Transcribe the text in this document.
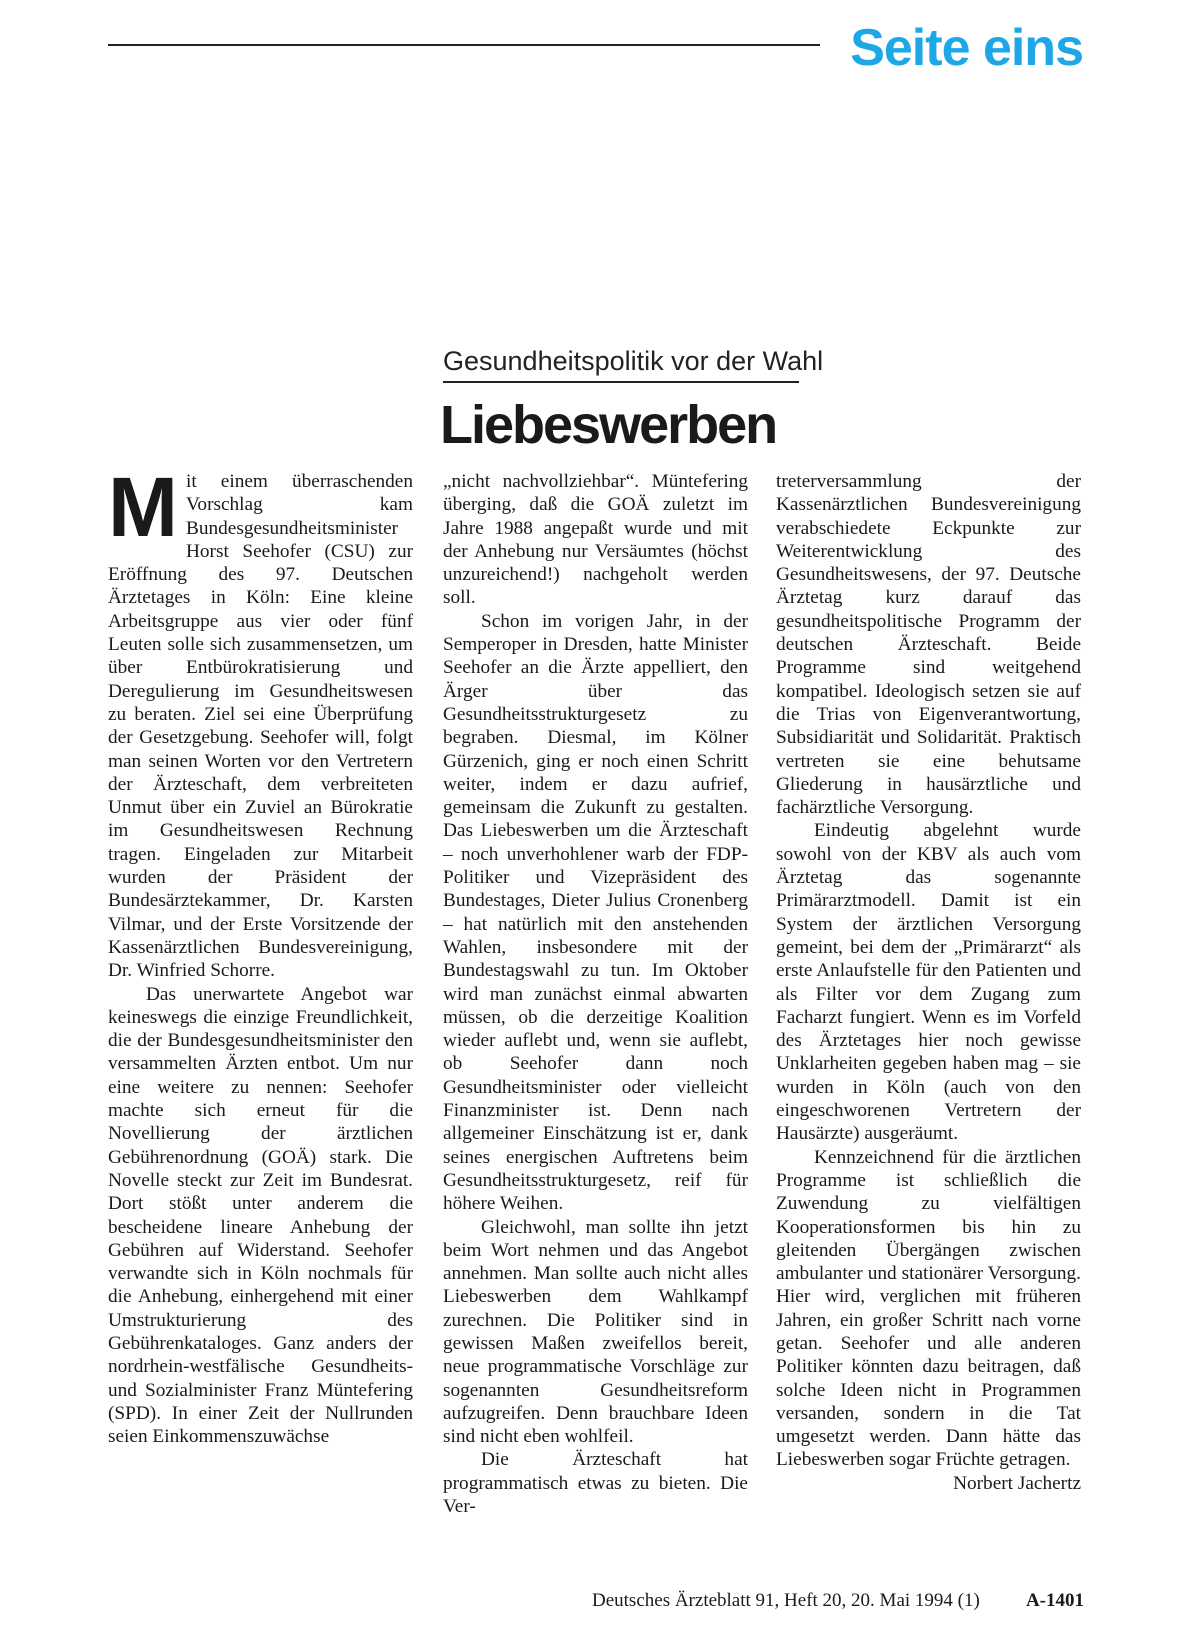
Seite eins
Gesundheitspolitik vor der Wahl
Liebeswerben

Mit einem überraschenden Vorschlag kam Bundesgesundheitsminister Horst Seehofer (CSU) zur Eröffnung des 97. Deutschen Ärztetages in Köln: Eine kleine Arbeitsgruppe aus vier oder fünf Leuten solle sich zusammensetzen, um über Entbürokratisierung und Deregulierung im Gesundheitswesen zu beraten. Ziel sei eine Überprüfung der Gesetzgebung. Seehofer will, folgt man seinen Worten vor den Vertretern der Ärzteschaft, dem verbreiteten Unmut über ein Zuviel an Bürokratie im Gesundheitswesen Rechnung tragen. Eingeladen zur Mitarbeit wurden der Präsident der Bundesärztekammer, Dr. Karsten Vilmar, und der Erste Vorsitzende der Kassenärztlichen Bundesvereinigung, Dr. Winfried Schorre.

Das unerwartete Angebot war keineswegs die einzige Freundlichkeit, die der Bundesgesundheitsminister den versammelten Ärzten entbot. Um nur eine weitere zu nennen: Seehofer machte sich erneut für die Novellierung der ärztlichen Gebührenordnung (GOÄ) stark. Die Novelle steckt zur Zeit im Bundesrat. Dort stößt unter anderem die bescheidene lineare Anhebung der Gebühren auf Widerstand. Seehofer verwandte sich in Köln nochmals für die Anhebung, einhergehend mit einer Umstrukturierung des Gebührenkataloges. Ganz anders der nordrhein-westfälische Gesundheits- und Sozialminister Franz Müntefering (SPD). In einer Zeit der Nullrunden seien Einkommenszuwächse

„nicht nachvollziehbar“. Müntefering überging, daß die GOÄ zuletzt im Jahre 1988 angepaßt wurde und mit der Anhebung nur Versäumtes (höchst unzureichend!) nachgeholt werden soll.

Schon im vorigen Jahr, in der Semperoper in Dresden, hatte Minister Seehofer an die Ärzte appelliert, den Ärger über das Gesundheitsstrukturgesetz zu begraben. Diesmal, im Kölner Gürzenich, ging er noch einen Schritt weiter, indem er dazu aufrief, gemeinsam die Zukunft zu gestalten. Das Liebeswerben um die Ärzteschaft – noch unverhohlener warb der FDP-Politiker und Vizepräsident des Bundestages, Dieter Julius Cronenberg – hat natürlich mit den anstehenden Wahlen, insbesondere mit der Bundestagswahl zu tun. Im Oktober wird man zunächst einmal abwarten müssen, ob die derzeitige Koalition wieder auflebt und, wenn sie auflebt, ob Seehofer dann noch Gesundheitsminister oder vielleicht Finanzminister ist. Denn nach allgemeiner Einschätzung ist er, dank seines energischen Auftretens beim Gesundheitsstrukturgesetz, reif für höhere Weihen.

Gleichwohl, man sollte ihn jetzt beim Wort nehmen und das Angebot annehmen. Man sollte auch nicht alles Liebeswerben dem Wahlkampf zurechnen. Die Politiker sind in gewissen Maßen zweifellos bereit, neue programmatische Vorschläge zur sogenannten Gesundheitsreform aufzugreifen. Denn brauchbare Ideen sind nicht eben wohlfeil.

Die Ärzteschaft hat programmatisch etwas zu bieten. Die Ver-

treterversammlung der Kassenärztlichen Bundesvereinigung verabschiedete Eckpunkte zur Weiterentwicklung des Gesundheitswesens, der 97. Deutsche Ärztetag kurz darauf das gesundheitspolitische Programm der deutschen Ärzteschaft. Beide Programme sind weitgehend kompatibel. Ideologisch setzen sie auf die Trias von Eigenverantwortung, Subsidiarität und Solidarität. Praktisch vertreten sie eine behutsame Gliederung in hausärztliche und fachärztliche Versorgung.

Eindeutig abgelehnt wurde sowohl von der KBV als auch vom Ärztetag das sogenannte Primärarztmodell. Damit ist ein System der ärztlichen Versorgung gemeint, bei dem der „Primärarzt“ als erste Anlaufstelle für den Patienten und als Filter vor dem Zugang zum Facharzt fungiert. Wenn es im Vorfeld des Ärztetages hier noch gewisse Unklarheiten gegeben haben mag – sie wurden in Köln (auch von den eingeschworenen Vertretern der Hausärzte) ausgeräumt.

Kennzeichnend für die ärztlichen Programme ist schließlich die Zuwendung zu vielfältigen Kooperationsformen bis hin zu gleitenden Übergängen zwischen ambulanter und stationärer Versorgung. Hier wird, verglichen mit früheren Jahren, ein großer Schritt nach vorne getan. Seehofer und alle anderen Politiker könnten dazu beitragen, daß solche Ideen nicht in Programmen versanden, sondern in die Tat umgesetzt werden. Dann hätte das Liebeswerben sogar Früchte getragen.
Norbert Jachertz

Deutsches Ärzteblatt 91, Heft 20, 20. Mai 1994 (1) A-1401
